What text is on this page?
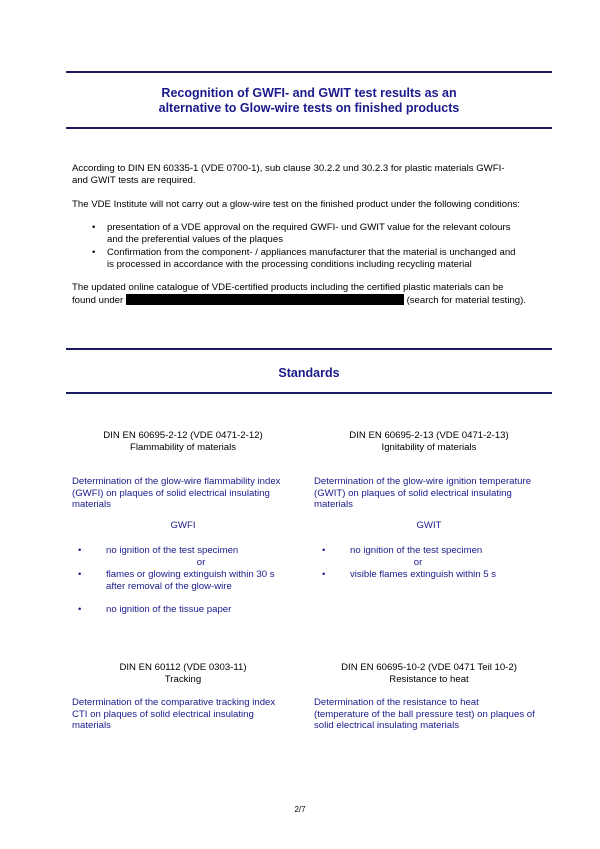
Recognition of GWFI- and GWIT test results as an
alternative to Glow-wire tests on finished products
According to DIN EN 60335-1 (VDE 0700-1), sub clause 30.2.2 und 30.2.3 for plastic materials GWFI-
and GWIT tests are required.
The VDE Institute will not carry out a glow-wire test on the finished product under the following conditions:
• presentation of a VDE approval on the required GWFI- und GWIT value for the relevant colours
and the preferential values of the plaques
• Confirmation from the component- / appliances manufacturer that the material is unchanged and
is processed in accordance with the processing conditions including recycling material
The updated online catalogue of VDE-certified products including the certified plastic materials can be
found under	(search for material testing).
Standards
DIN EN 60695-2-12 (VDE 0471-2-12)
Flammability of materials
Determination of the glow-wire flammability index
(GWFI) on plaques of solid electrical insulating
materials
GWFI
•	no ignition of the test specimen
or
•	flames or glowing extinguish within 30 s
after removal of the glow-wire
•	no ignition of the tissue paper
DIN EN 60695-2-13 (VDE 0471-2-13)
Ignitability of materials
Determination of the glow-wire ignition temperature
(GWIT) on plaques of solid electrical insulating
materials
GWIT
•	no ignition of the test specimen
or
•	visible flames extinguish within 5 s
DIN EN 60112 (VDE 0303-11)
Tracking
Determination of the comparative tracking index
CTI on plaques of solid electrical insulating
materials
DIN EN 60695-10-2 (VDE 0471 Teil 10-2)
Resistance to heat
Determination of the resistance to heat
(temperature of the ball pressure test) on plaques of
solid electrical insulating materials
2/7
